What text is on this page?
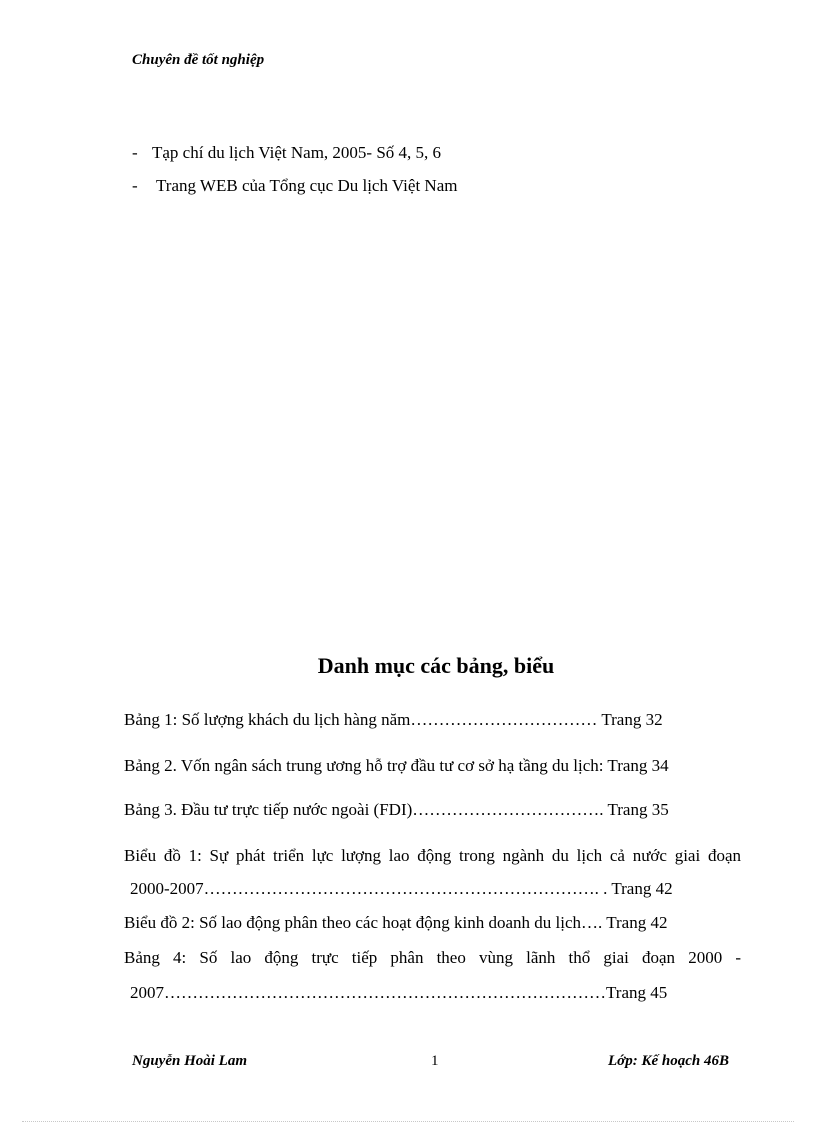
Chuyên đề tốt nghiệp
- Tạp chí du lịch Việt Nam, 2005- Số 4, 5, 6
-	Trang WEB của Tổng cục Du lịch Việt Nam
Danh mục các bảng, biểu
Bảng 1: Số lượng khách du lịch hàng năm…………………………… Trang 32
Bảng 2. Vốn ngân sách trung ương hỗ trợ đầu tư cơ sở hạ tầng du lịch: Trang 34
Bảng 3. Đầu tư trực tiếp nước ngoài (FDI)……………………………. Trang 35
Biểu đồ 1: Sự phát triển lực lượng lao động trong ngành du lịch cả nước giai đoạn
2000-2007……………………………………………………………. . Trang 42
Biểu đồ 2: Số lao động phân theo các hoạt động kinh doanh du lịch…. Trang 42
Bảng 4: Số lao động trực tiếp phân theo vùng lãnh thổ giai đoạn 2000 -
2007……………………………………………………………………Trang 45
Nguyễn Hoài Lam	1	Lớp: Kế hoạch 46B
